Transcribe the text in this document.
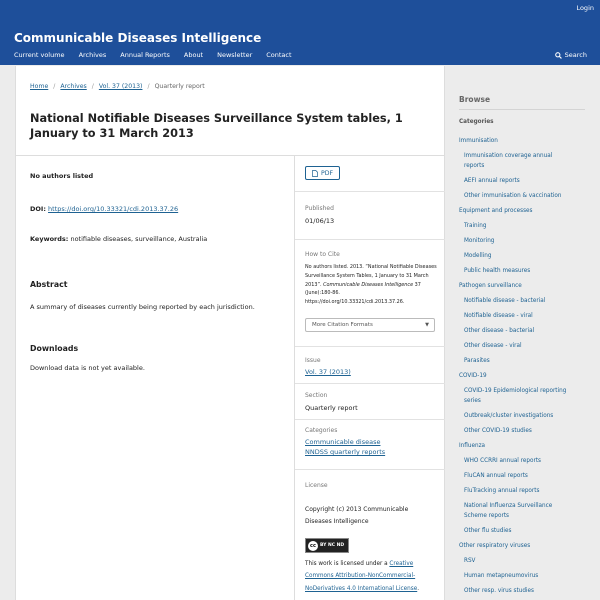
Login
Communicable Diseases Intelligence
Current volume Archives Annual Reports About Newsletter Contact	Search
Home / Archives / Vol. 37 (2013) / Quarterly report
National Notifiable Diseases Surveillance System tables, 1 January to 31 March 2013
No authors listed
DOI: https://doi.org/10.33321/cdi.2013.37.26
Keywords: notifiable diseases, surveillance, Australia
Abstract
A summary of diseases currently being reported by each jurisdiction.
Downloads
Download data is not yet available.
PDF
Published
01/06/13
How to Cite
No authors listed. 2013. “National Notifiable Diseases Surveillance System Tables, 1 January to 31 March 2013”. Communicable Diseases Intelligence 37 (June):180-86. https://doi.org/10.33321/cdi.2013.37.26.
More Citation Formats	▼
Issue
Vol. 37 (2013)
Section
Quarterly report
Categories
Communicable disease
NNDSS quarterly reports
License
Copyright (c) 2013 Communicable Diseases Intelligence
cc BY NC ND
This work is licensed under a Creative Commons Attribution-NonCommercial-NoDerivatives 4.0 International License.
Browse
Categories
Immunisation
Immunisation coverage annual reports
AEFI annual reports
Other immunisation & vaccination
Equipment and processes
Training
Monitoring
Modelling
Public health measures
Pathogen surveillance
Notifiable disease - bacterial
Notifiable disease - viral
Other disease - bacterial
Other disease - viral
Parasites
COVID-19
COVID-19 Epidemiological reporting series
Outbreak/cluster investigations
Other COVID-19 studies
Influenza
WHO CCRRI annual reports
FluCAN annual reports
FluTracking annual reports
National Influenza Surveillance Scheme reports
Other flu studies
Other respiratory viruses
RSV
Human metapneumovirus
Other resp. virus studies
